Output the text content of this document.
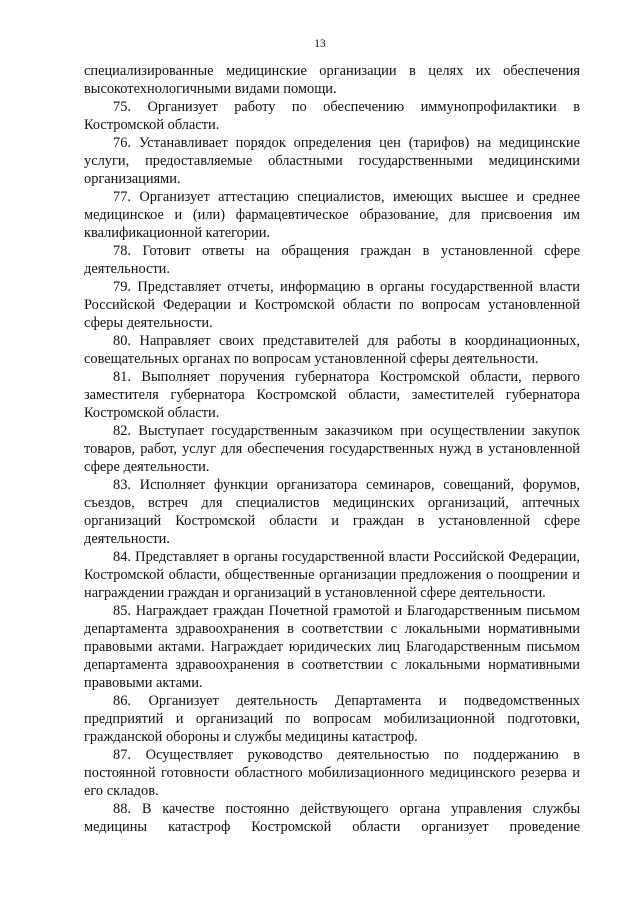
13

специализированные медицинские организации в целях их обеспечения высокотехнологичными видами помощи.

75. Организует работу по обеспечению иммунопрофилактики в Костромской области.

76. Устанавливает порядок определения цен (тарифов) на медицинские услуги, предоставляемые областными государственными медицинскими организациями.

77. Организует аттестацию специалистов, имеющих высшее и среднее медицинское и (или) фармацевтическое образование, для присвоения им квалификационной категории.

78. Готовит ответы на обращения граждан в установленной сфере деятельности.

79. Представляет отчеты, информацию в органы государственной власти Российской Федерации и Костромской области по вопросам установленной сферы деятельности.

80. Направляет своих представителей для работы в координационных, совещательных органах по вопросам установленной сферы деятельности.

81. Выполняет поручения губернатора Костромской области, первого заместителя губернатора Костромской области, заместителей губернатора Костромской области.

82. Выступает государственным заказчиком при осуществлении закупок товаров, работ, услуг для обеспечения государственных нужд в установленной сфере деятельности.

83. Исполняет функции организатора семинаров, совещаний, форумов, съездов, встреч для специалистов медицинских организаций, аптечных организаций Костромской области и граждан в установленной сфере деятельности.

84. Представляет в органы государственной власти Российской Федерации, Костромской области, общественные организации предложения о поощрении и награждении граждан и организаций в установленной сфере деятельности.

85. Награждает граждан Почетной грамотой и Благодарственным письмом департамента здравоохранения в соответствии с локальными нормативными правовыми актами. Награждает юридических лиц Благодарственным письмом департамента здравоохранения в соответствии с локальными нормативными правовыми актами.

86. Организует деятельность Департамента и подведомственных предприятий и организаций по вопросам мобилизационной подготовки, гражданской обороны и службы медицины катастроф.

87. Осуществляет руководство деятельностью по поддержанию в постоянной готовности областного мобилизационного медицинского резерва и его складов.

88. В качестве постоянно действующего органа управления службы медицины катастроф Костромской области организует проведение
